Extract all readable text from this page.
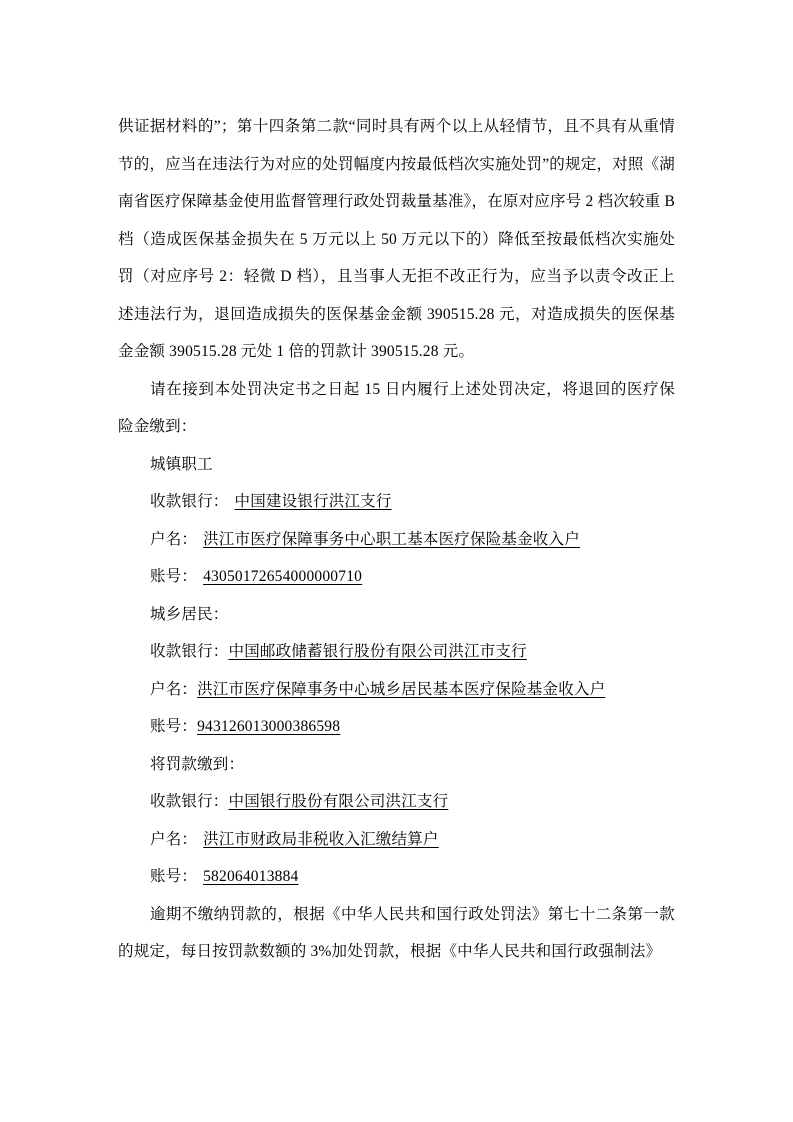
供证据材料的”；第十四条第二款“同时具有两个以上从轻情节，且不具有从重情节的，应当在违法行为对应的处罚幅度内按最低档次实施处罚”的规定，对照《湖南省医疗保障基金使用监督管理行政处罚裁量基准》，在原对应序号 2 档次较重 B 档（造成医保基金损失在 5 万元以上 50 万元以下的）降低至按最低档次实施处罚（对应序号 2：轻微 D 档），且当事人无拒不改正行为，应当予以责令改正上述违法行为，退回造成损失的医保基金金额 390515.28 元，对造成损失的医保基金金额 390515.28 元处 1 倍的罚款计 390515.28 元。

请在接到本处罚决定书之日起 15 日内履行上述处罚决定，将退回的医疗保险金缴到：

城镇职工

收款银行： 中国建设银行洪江支行

户名： 洪江市医疗保障事务中心职工基本医疗保险基金收入户

账号： 43050172654000000710

城乡居民：

收款银行：中国邮政储蓄银行股份有限公司洪江市支行

户名：洪江市医疗保障事务中心城乡居民基本医疗保险基金收入户

账号：943126013000386598

将罚款缴到：

收款银行：中国银行股份有限公司洪江支行

户名： 洪江市财政局非税收入汇缴结算户

账号： 582064013884

逾期不缴纳罚款的，根据《中华人民共和国行政处罚法》第七十二条第一款的规定，每日按罚款数额的 3%加处罚款，根据《中华人民共和国行政强制法》
